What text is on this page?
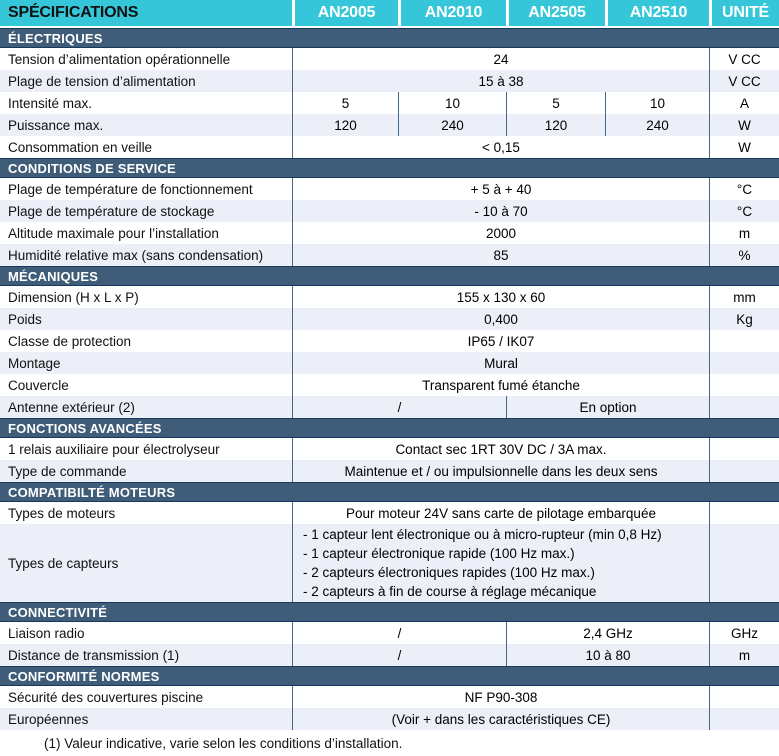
SPÉCIFICATIONS	AN2005	AN2010	AN2505	AN2510	UNITÉ
ÉLECTRIQUES
Tension d’alimentation opérationnelle	24	V CC
Plage de tension d’alimentation	15 à 38	V CC
Intensité max.	5	10	5	10	A
Puissance max.	120	240	120	240	W
Consommation en veille	< 0,15	W
CONDITIONS DE SERVICE
Plage de température de fonctionnement	+ 5 à + 40	°C
Plage de température de stockage	- 10 à 70	°C
Altitude maximale pour l’installation	2000	m
Humidité relative max (sans condensation)	85	%
MÉCANIQUES
Dimension (H x L x P)	155 x 130 x 60	mm
Poids	0,400	Kg
Classe de protection	IP65 / IK07
Montage	Mural
Couvercle	Transparent fumé étanche
Antenne extérieur (2)	/	En option
FONCTIONS AVANCÉES
1 relais auxiliaire pour électrolyseur	Contact sec 1RT 30V DC / 3A max.
Type de commande	Maintenue et / ou impulsionnelle dans les deux sens
COMPATIBILTÉ MOTEURS
Types de moteurs	Pour moteur 24V sans carte de pilotage embarquée
Types de capteurs
- 1 capteur lent électronique ou à micro-rupteur (min 0,8 Hz)
- 1 capteur électronique rapide (100 Hz max.)
- 2 capteurs électroniques rapides (100 Hz max.)
- 2 capteurs à fin de course à réglage mécanique
CONNECTIVITÉ
Liaison radio	/	2,4 GHz	GHz
Distance de transmission (1)	/	10 à 80	m
CONFORMITÉ NORMES
Sécurité des couvertures piscine	NF P90-308
Européennes	(Voir + dans les caractéristiques CE)
(1) Valeur indicative, varie selon les conditions d’installation.
